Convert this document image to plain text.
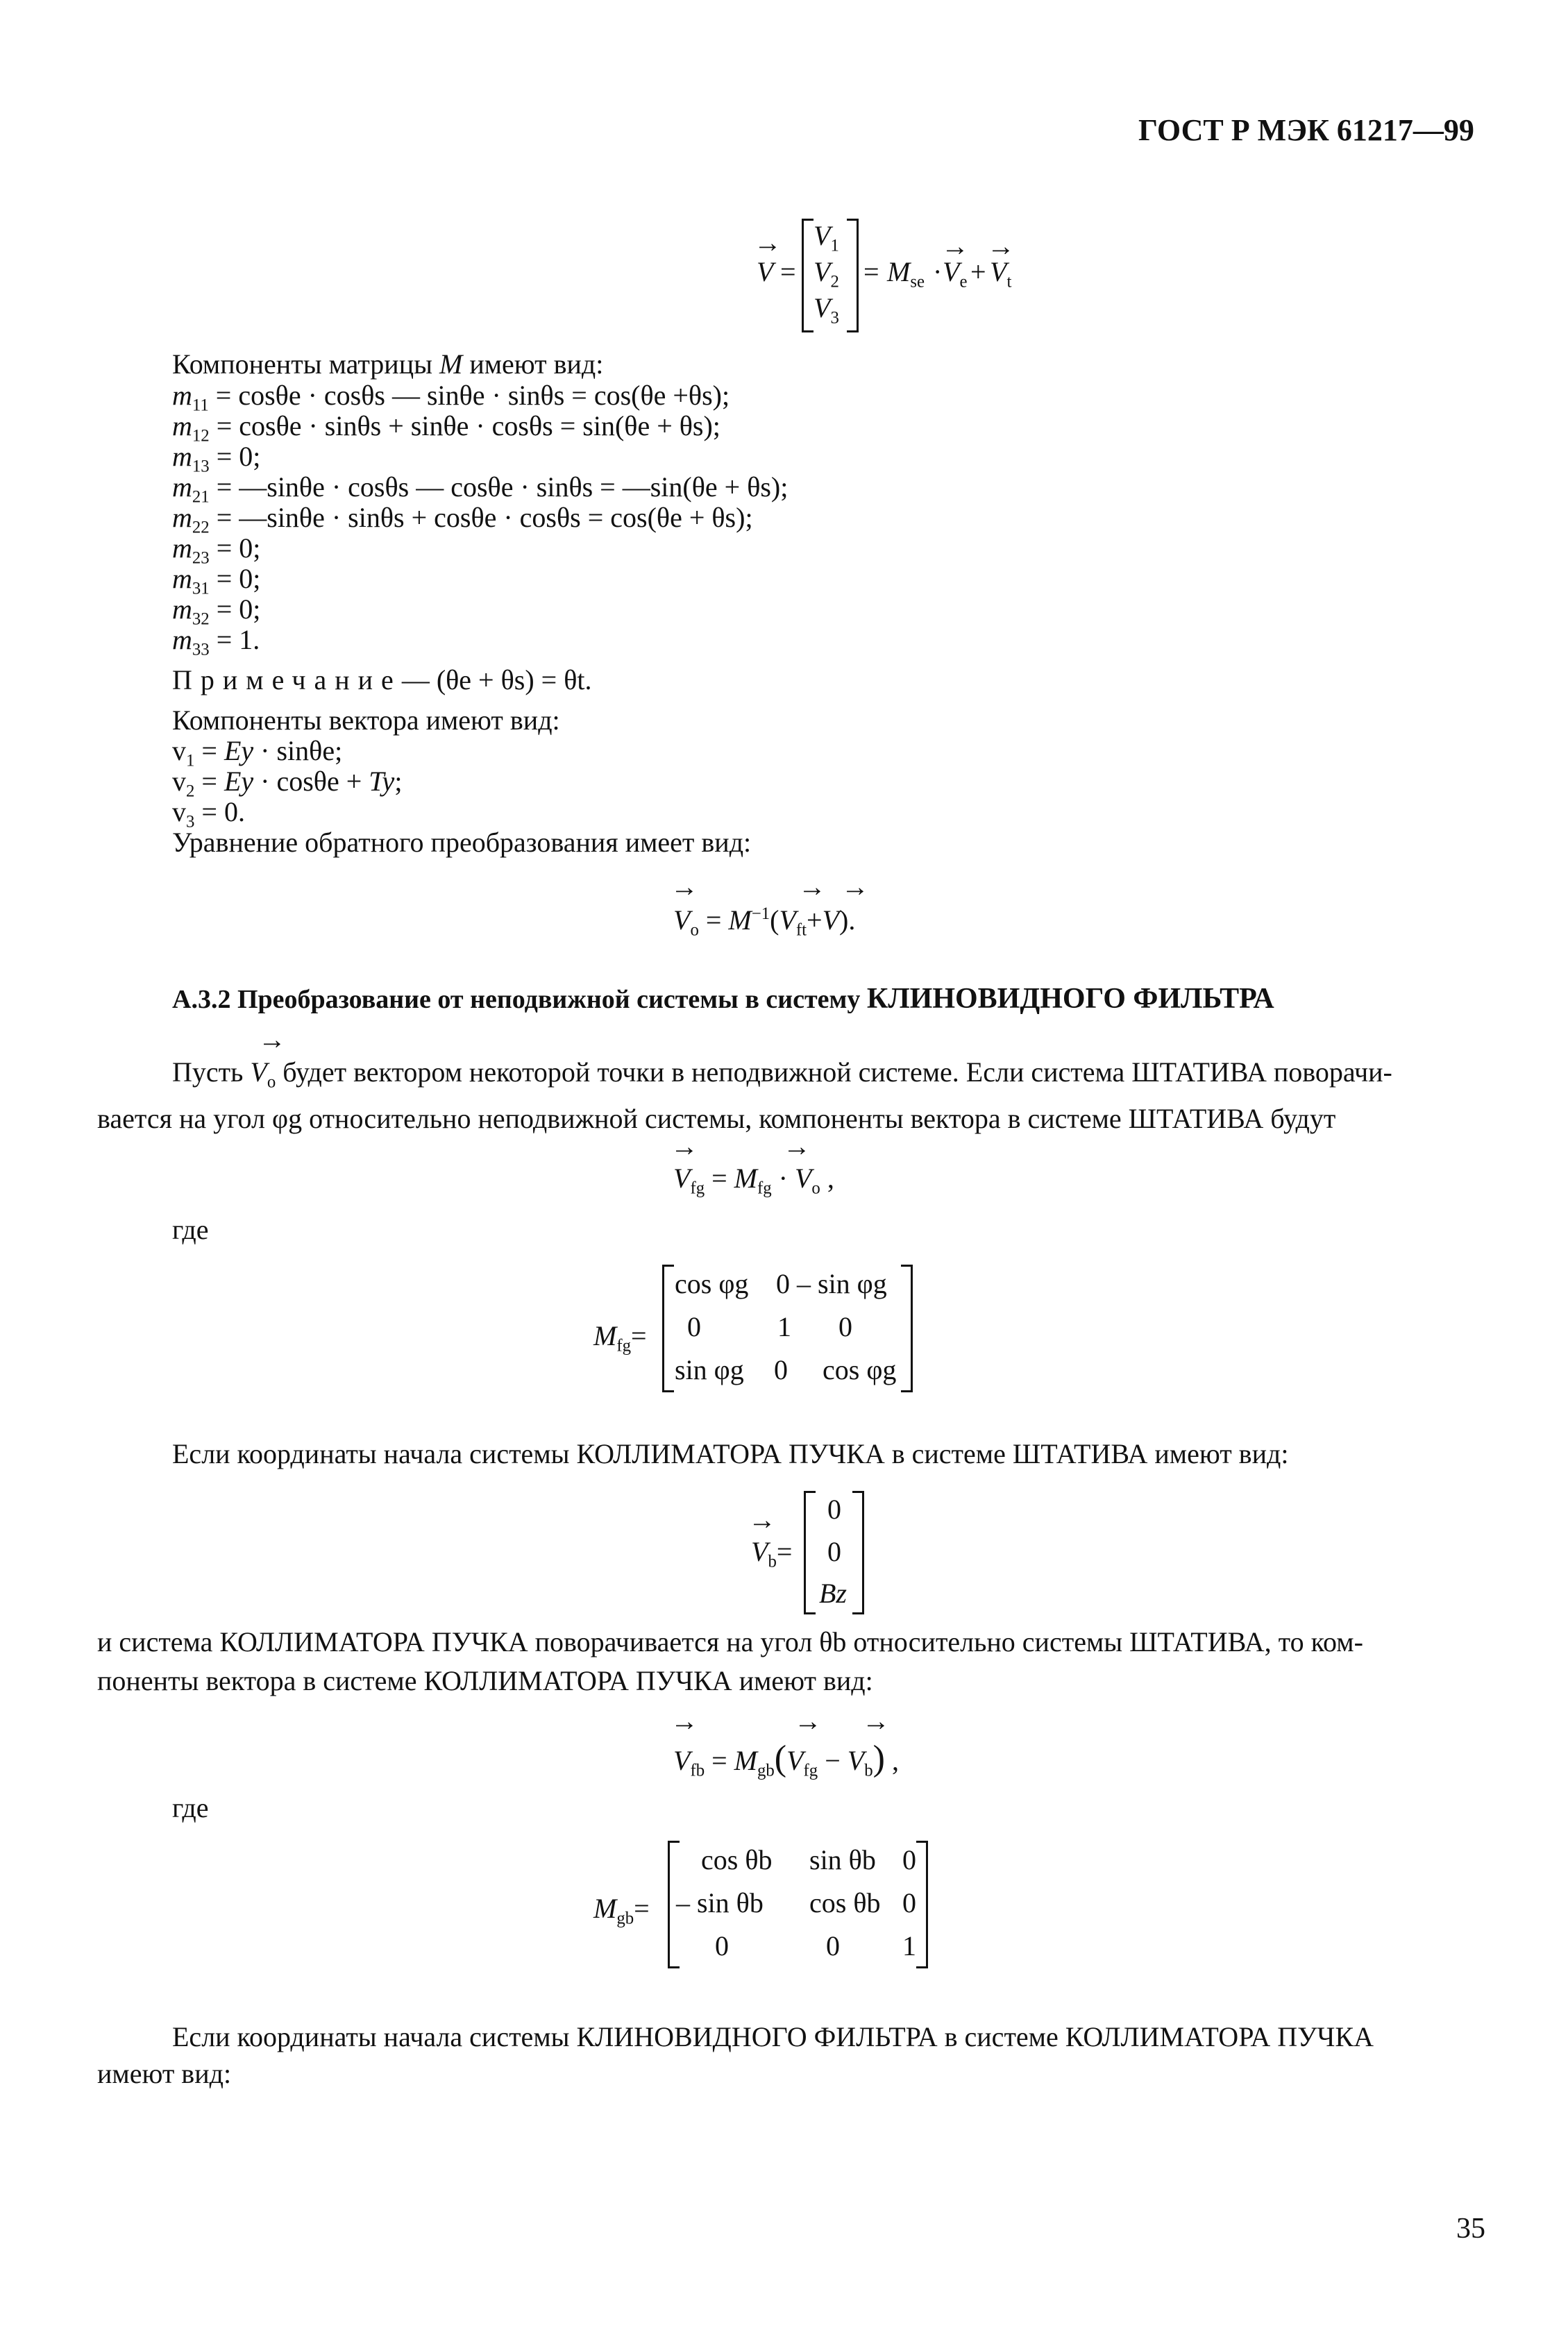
ГОСТ Р МЭК 61217—99
→
V =
$V_1$
$V_2$
$V_3$
= $M_{se}$ ·
→
$V_e$ +
→
$V_t$
Компоненты матрицы M имеют вид:
$m_{11} = \cos\theta e \cdot \cos\theta s$ — sinθe · sinθs = cos(θe +θs);
$m_{12} = \cos\theta e \cdot \sin\theta s + \sin\theta e \cdot \cos\theta s = \sin(\theta e + \theta s)$;
$m_{13} = 0$;
$m_{21}$ = —sinθe · cosθs — cosθe · sinθs = —sin(θe + θs);
$m_{22}$ = —sinθe · sinθs + cosθe · cosθs = cos(θe + θs);
$m_{23} = 0$;
$m_{31} = 0$;
$m_{32} = 0$;
$m_{33} = 1$.
Примечание— (θe + θs) = θt.
Компоненты вектора имеют вид:
$v_1 = Ey \cdot \sin\theta e$;
$v_2 = Ey \cdot \cos\theta e + Ty$;
$v_3 = 0$.
Уравнение обратного преобразования имеет вид:
→	→ →
$V_o = M^{-1}(V_{ft}+V)$.
А.3.2 Преобразование от неподвижной системы в систему КЛИНОВИДНОГО ФИЛЬТРА
→
Пусть $V_o$ будет вектором некоторой точки в неподвижной системе. Если система ШТАТИВА поворачи-
вается на угол φg относительно неподвижной системы, компоненты вектора в системе ШТАТИВА будут
→	→
$V_{fg} = M_{fg} \cdot V_o$ ,
где
$M_{fg}=$
cos φg 0 – sin φg
0	1 0
sin φg 0 cos φg
Если координаты начала системы КОЛЛИМАТОРА ПУЧКА в системе ШТАТИВА имеют вид:
→
$V_b=$
0
0
Bz
и система КОЛЛИМАТОРА ПУЧКА поворачивается на угол θb относительно системы ШТАТИВА, то ком-
поненты вектора в системе КОЛЛИМАТОРА ПУЧКА имеют вид:
→	→ →
$V_{fb} = M_{gb}(V_{fg} - V_b)$ ,
где
$M_{gb}=$
cos θb sin θb 0
– sin θb cos θb 0
0	0 1
Если координаты начала системы КЛИНОВИДНОГО ФИЛЬТРА в системе КОЛЛИМАТОРА ПУЧКА
имеют вид:
35
